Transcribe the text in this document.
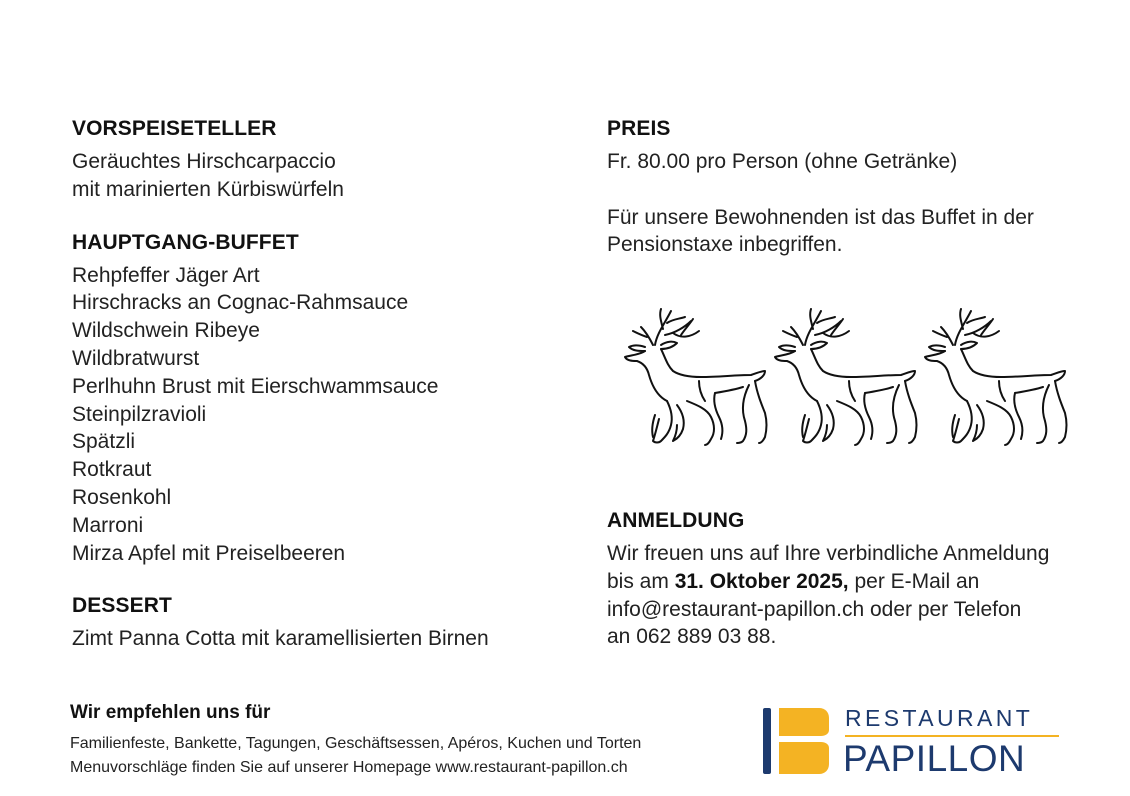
VORSPEISETELLER

Geräuchtes Hirschcarpaccio

mit marinierten Kürbiswürfeln

HAUPTGANG-BUFFET

Rehpfeffer Jäger Art

Hirschracks an Cognac-Rahmsauce

Wildschwein Ribeye

Wildbratwurst

Perlhuhn Brust mit Eierschwammsauce

Steinpilzravioli

Spätzli

Rotkraut

Rosenkohl

Marroni

Mirza Apfel mit Preiselbeeren

DESSERT

Zimt Panna Cotta mit karamellisierten Birnen

PREIS

Fr. 80.00 pro Person (ohne Getränke)

Für unsere Bewohnenden ist das Buffet in der

Pensionstaxe inbegriffen.

ANMELDUNG

Wir freuen uns auf Ihre verbindliche Anmeldung

bis am 31. Oktober 2025, per E-Mail an

info@restaurant-papillon.ch oder per Telefon

an 062 889 03 88.

Wir empfehlen uns für

Familienfeste, Bankette, Tagungen, Geschäftsessen, Apéros, Kuchen und Torten

Menuvorschläge finden Sie auf unserer Homepage www.restaurant-papillon.ch

RESTAURANT
PAPILLON
